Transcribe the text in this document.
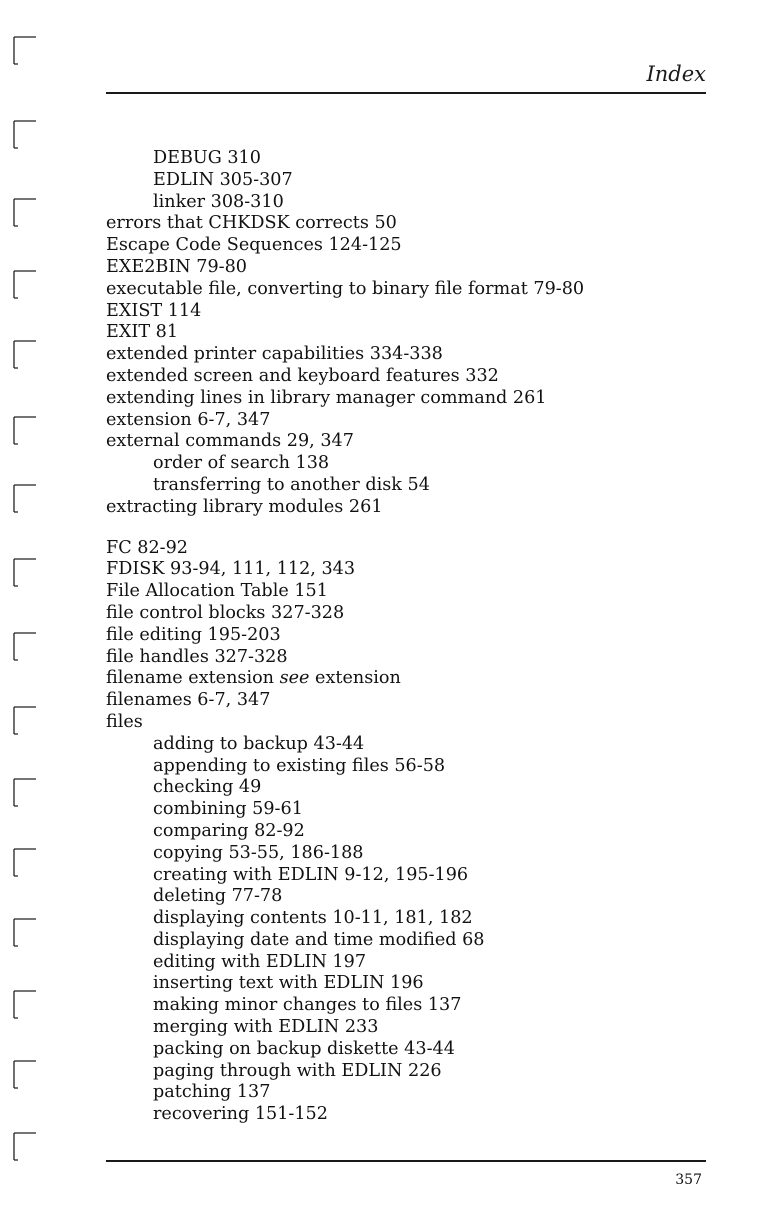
Index
DEBUG 310
EDLIN 305-307
linker 308-310
errors that CHKDSK corrects 50
Escape Code Sequences 124-125
EXE2BIN 79-80
executable file, converting to binary file format 79-80
EXIST 114
EXIT 81
extended printer capabilities 334-338
extended screen and keyboard features 332
extending lines in library manager command 261
extension 6-7, 347
external commands 29, 347
order of search 138
transferring to another disk 54
extracting library modules 261
FC 82-92
FDISK 93-94, 111, 112, 343
File Allocation Table 151
file control blocks 327-328
file editing 195-203
file handles 327-328
filename extension see extension
filenames 6-7, 347
files
adding to backup 43-44
appending to existing files 56-58
checking 49
combining 59-61
comparing 82-92
copying 53-55, 186-188
creating with EDLIN 9-12, 195-196
deleting 77-78
displaying contents 10-11, 181, 182
displaying date and time modified 68
editing with EDLIN 197
inserting text with EDLIN 196
making minor changes to files 137
merging with EDLIN 233
packing on backup diskette 43-44
paging through with EDLIN 226
patching 137
recovering 151-152
357
